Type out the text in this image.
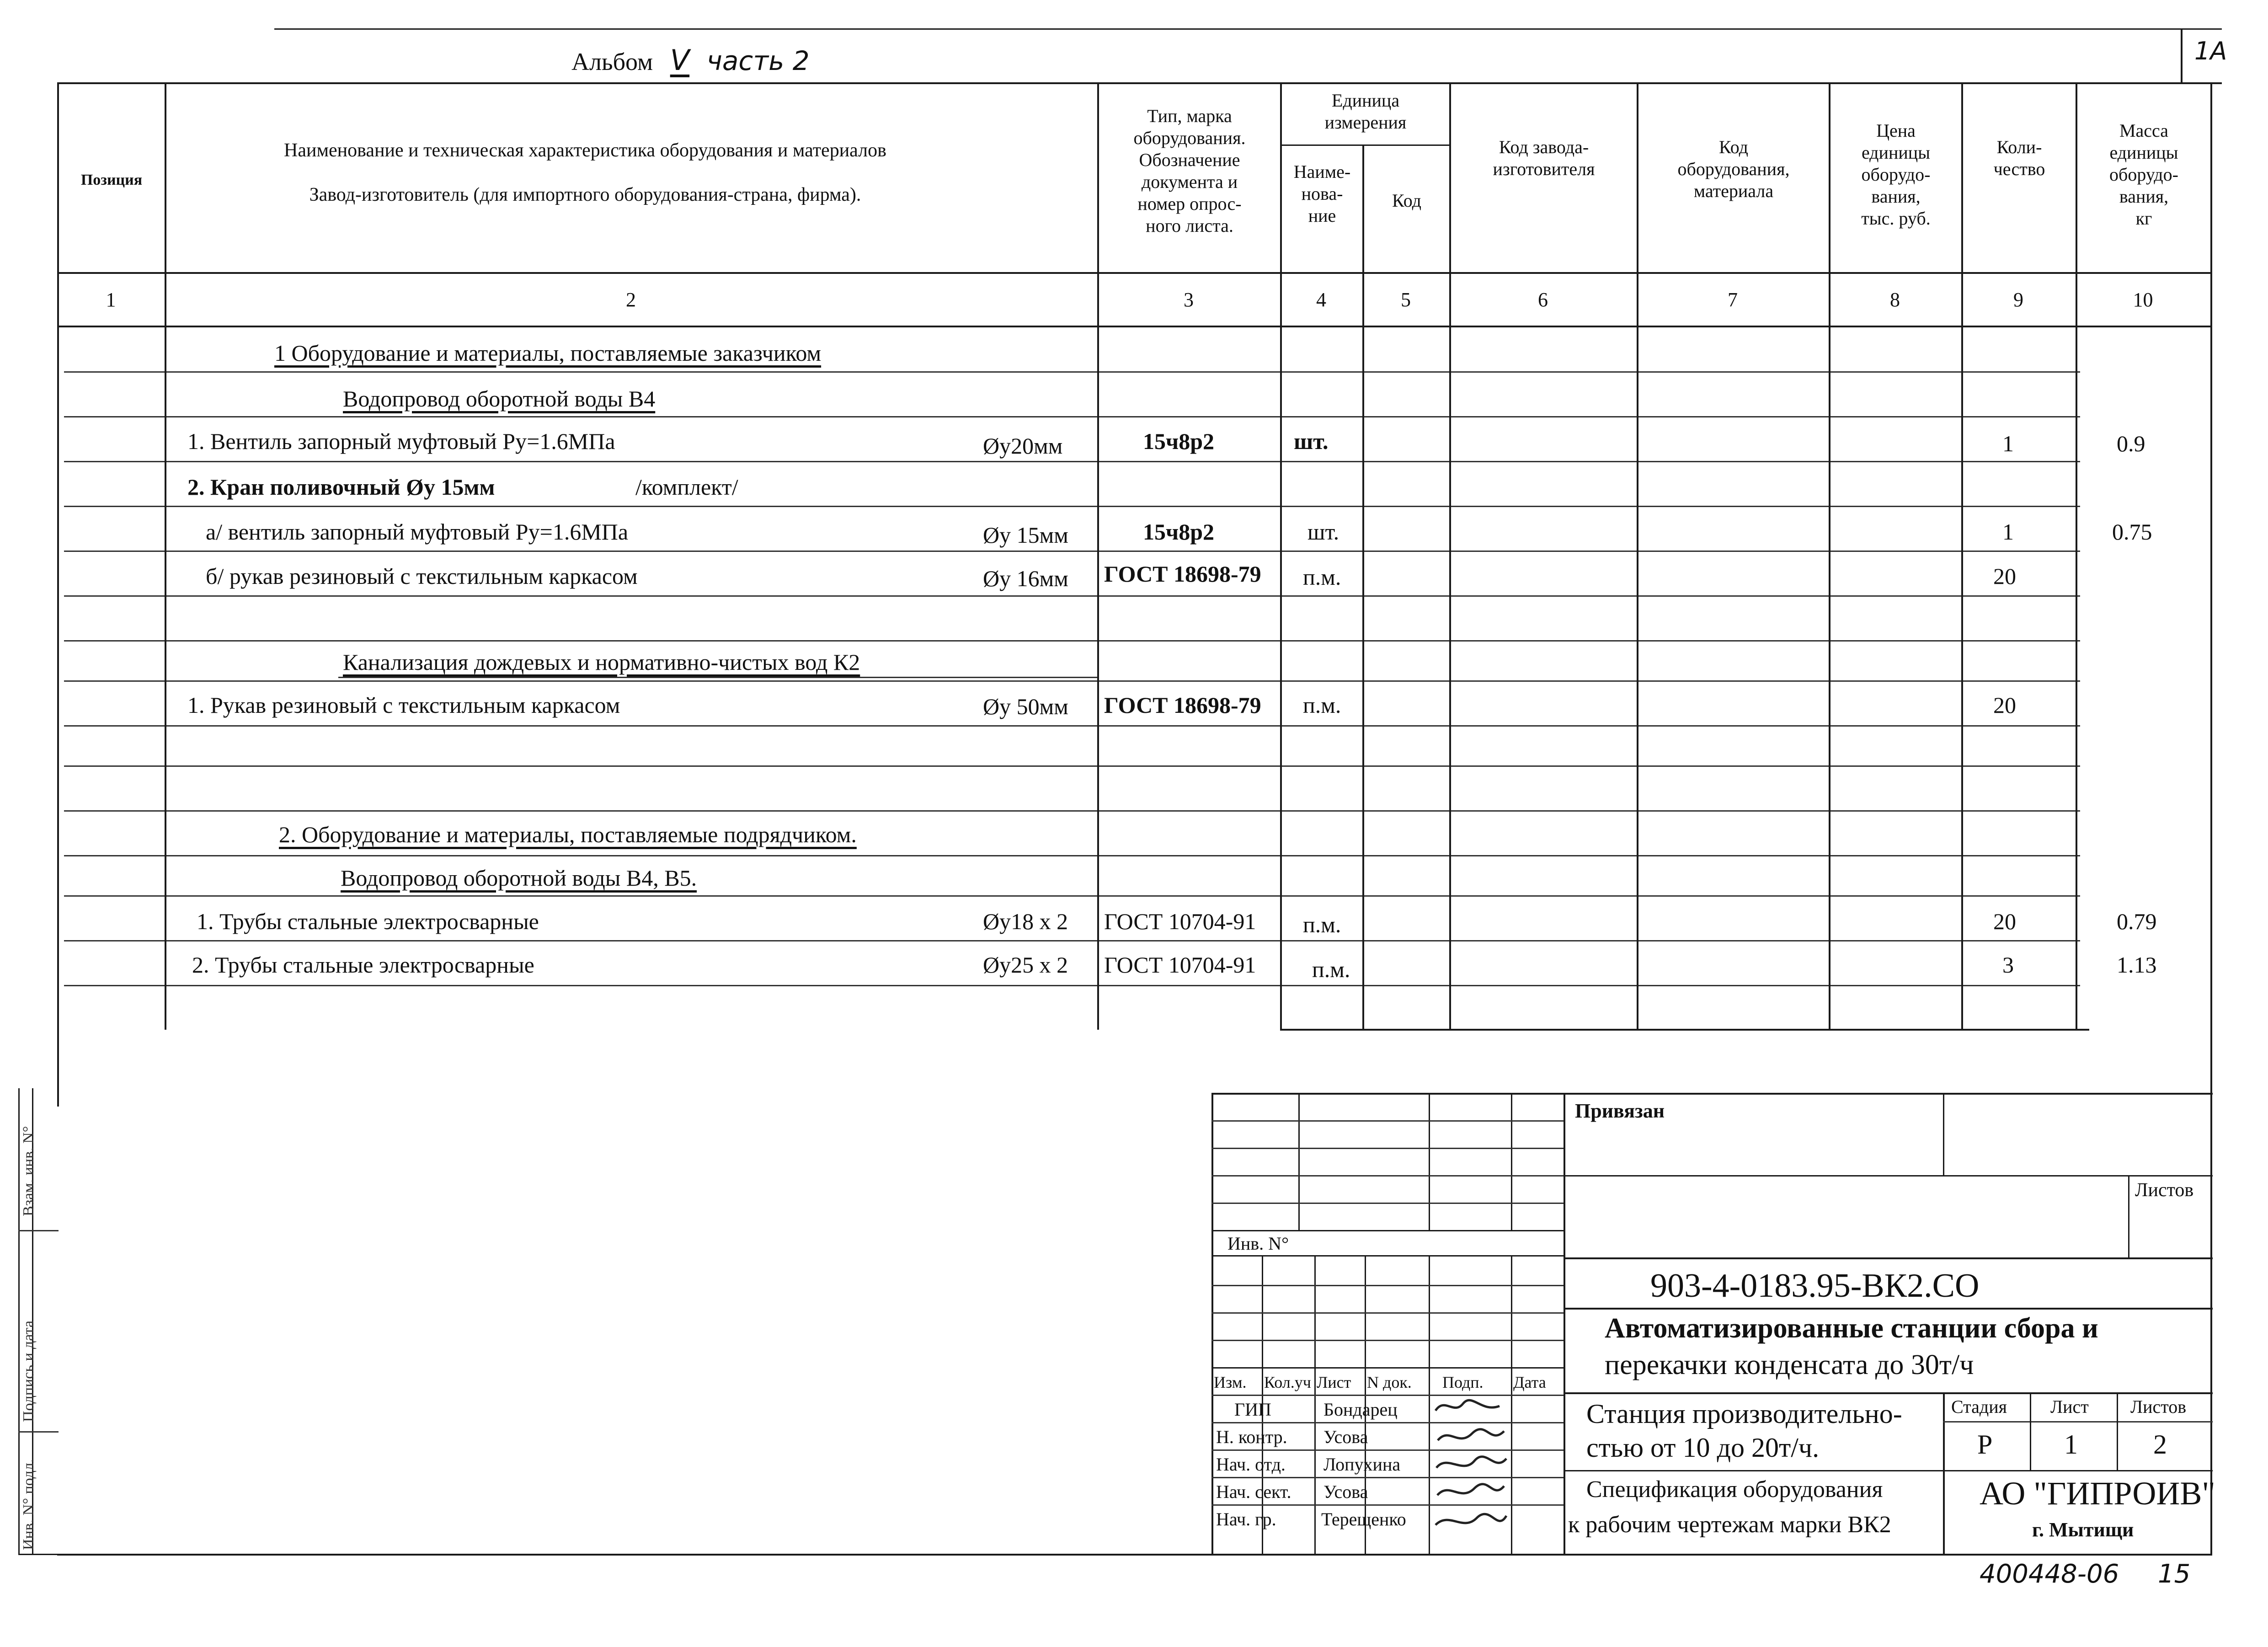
Альбом V часть 2	1А
Позиция
Наименование и техническая характеристика оборудования и материалов
Завод-изготовитель (для импортного оборудования-страна, фирма).
Тип, марка
оборудования.
Обозначение
документа и
номер опрос-
ного листа.
Единица
измерения
Наиме-
нова-
ние
Код
Код завода-
изготовителя
Код
оборудования,
материала
Цена
единицы
оборудо-
вания,
тыс. руб.
Коли-
чество
Масса
единицы
оборудо-
вания,
кг
1	2	3	4	5	6	7	8	9	10
1 Оборудование и материалы, поставляемые заказчиком
Водопровод оборотной воды В4
1. Вентиль запорный муфтовый Ру=1.6МПа	Øу20мм	15ч8р2	шт.	1	0.9
2. Кран поливочный Øу 15мм	/комплект/
а/ вентиль запорный муфтовый Ру=1.6МПа	Øу 15мм	15ч8р2	шт.	1	0.75
б/ рукав резиновый с текстильным каркасом	Øу 16мм ГОСТ 18698-79 п.м.	20
Канализация дождевых и нормативно-чистых вод К2
1. Рукав резиновый с текстильным каркасом	Øу 50мм ГОСТ 18698-79 п.м.	20
2. Оборудование и материалы, поставляемые подрядчиком.
Водопровод оборотной воды В4, В5.
1. Трубы стальные электросварные	Øу18 х 2 ГОСТ 10704-91 п.м.	20	0.79
2. Трубы стальные электросварные	Øу25 х 2 ГОСТ 10704-91 п.м.	3	1.13
Взам. инв. N°
Подпись и дата
Инв. N° подл.
Привязан
Листов
Инв. N°
903-4-0183.95-ВК2.СО
Автоматизированные станции сбора и
перекачки конденсата до 30т/ч
Изм. Кол.уч Лист N док. Подп. Дата
ГИП	Бондарец
Н. контр. Усова
Нач. отд. Лопухина
Нач. сект. Усова
Нач. гр. Терещенко
Станция производительно-
стью от 10 до 20т/ч.
Спецификация оборудования
к рабочим чертежам марки ВК2
Стадия Лист Листов
Р	1	2
АО "ГИПРОИВ"
г. Мытищи
400448-06 15
